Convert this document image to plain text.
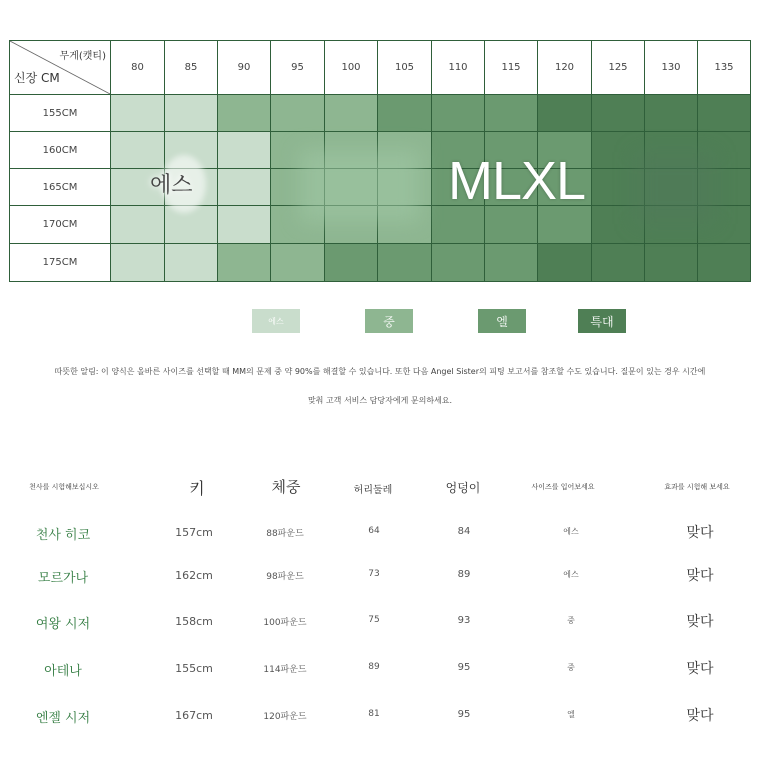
무게(캣티)
신장 CM	80	85	90	95	100	105	110	115	120	125	130	135
155CM												
160CM												
165CM												
170CM												
175CM												
에스	MLXL
에스	중	엘	특대
따뜻한 알림: 이 양식은 올바른 사이즈를 선택할 때 MM의 문제 중 약 90%를 해결할 수 있습니다. 또한 다음 Angel Sister의 피팅 보고서를 참조할 수도 있습니다. 질문이 있는 경우 시간에
맞춰 고객 서비스 담당자에게 문의하세요.
천사를 시험해보십시오	키	체중	허리둘레	엉덩이	사이즈를 입어보세요	효과를 시험해 보세요
천사 히코	157cm	88파운드	64	84	에스	맞다
모르가나	162cm	98파운드	73	89	에스	맞다
여왕 시저	158cm	100파운드	75	93	중	맞다
아테나	155cm	114파운드	89	95	중	맞다
엔젤 시저	167cm	120파운드	81	95	엘	맞다
